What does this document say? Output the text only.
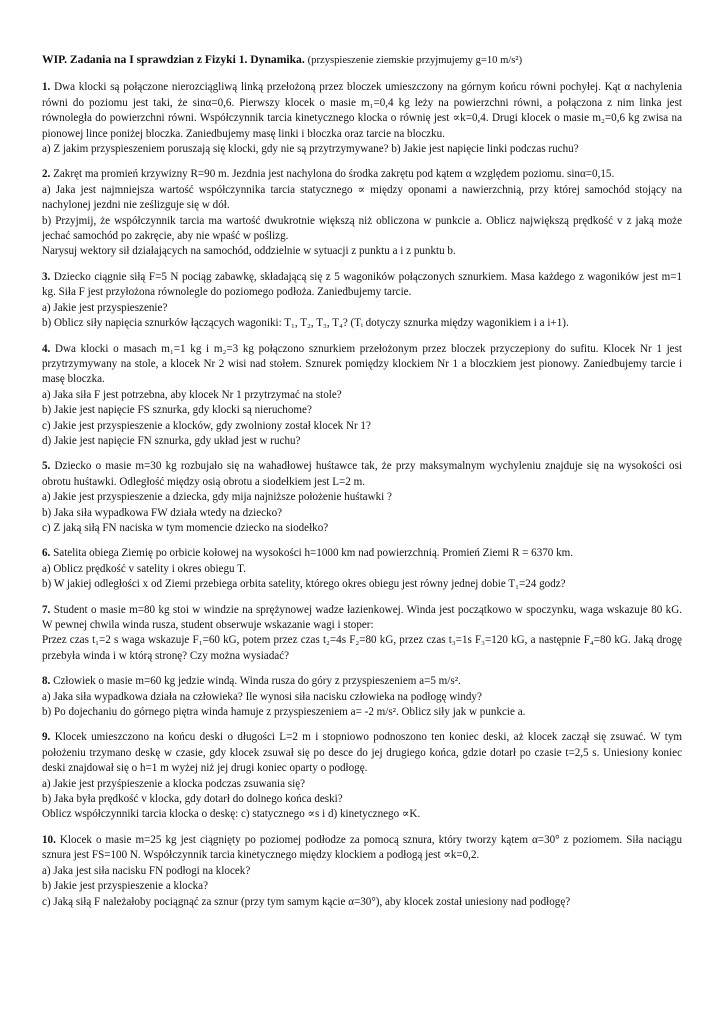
WIP. Zadania na I sprawdzian z Fizyki 1. Dynamika. (przyspieszenie ziemskie przyjmujemy g=10 m/s²)

1. Dwa klocki są połączone nierozciągliwą linką przełożoną przez bloczek umieszczony na górnym końcu równi pochyłej. Kąt α nachylenia równi do poziomu jest taki, że sinα=0,6. Pierwszy klocek o masie m₁=0,4 kg leży na powierzchni równi, a połączona z nim linka jest równoległa do powierzchni równi. Współczynnik tarcia kinetycznego klocka o równię jest ∝k=0,4. Drugi klocek o masie m₂=0,6 kg zwisa na pionowej lince poniżej bloczka. Zaniedbujemy masę linki i bloczka oraz tarcie na bloczku.

a) Z jakim przyspieszeniem poruszają się klocki, gdy nie są przytrzymywane? b) Jakie jest napięcie linki podczas ruchu?

2. Zakręt ma promień krzywizny R=90 m. Jezdnia jest nachylona do środka zakrętu pod kątem α względem poziomu. sinα=0,15.

a) Jaka jest najmniejsza wartość współczynnika tarcia statycznego ∝ między oponami a nawierzchnią, przy której samochód stojący na nachylonej jezdni nie ześlizguje się w dół.

b) Przyjmij, że współczynnik tarcia ma wartość dwukrotnie większą niż obliczona w punkcie a. Oblicz największą prędkość v z jaką może jechać samochód po zakręcie, aby nie wpaść w poślizg.

Narysuj wektory sił działających na samochód, oddzielnie w sytuacji z punktu a i z punktu b.

3. Dziecko ciągnie siłą F=5 N pociąg zabawkę, składającą się z 5 wagoników połączonych sznurkiem. Masa każdego z wagoników jest m=1 kg. Siła F jest przyłożona równolegle do poziomego podłoża. Zaniedbujemy tarcie.

a) Jakie jest przyspieszenie?

b) Oblicz siły napięcia sznurków łączących wagoniki: T₁, T₂, T₃, T₄? (Tᵢ dotyczy sznurka między wagonikiem i a i+1).

4. Dwa klocki o masach m₁=1 kg i m₂=3 kg połączono sznurkiem przełożonym przez bloczek przyczepiony do sufitu. Klocek Nr 1 jest przytrzymywany na stole, a klocek Nr 2 wisi nad stołem. Sznurek pomiędzy klockiem Nr 1 a bloczkiem jest pionowy. Zaniedbujemy tarcie i masę bloczka.

a) Jaka siła F jest potrzebna, aby klocek Nr 1 przytrzymać na stole?

b) Jakie jest napięcie FS sznurka, gdy klocki są nieruchome?

c) Jakie jest przyspieszenie a klocków, gdy zwolniony został klocek Nr 1?

d) Jakie jest napięcie FN sznurka, gdy układ jest w ruchu?

5. Dziecko o masie m=30 kg rozbujało się na wahadłowej huśtawce tak, że przy maksymalnym wychyleniu znajduje się na wysokości osi obrotu huśtawki. Odległość między osią obrotu a siodełkiem jest L=2 m.

a) Jakie jest przyspieszenie a dziecka, gdy mija najniższe położenie huśtawki ?

b) Jaka siła wypadkowa FW działa wtedy na dziecko?

c) Z jaką siłą FN naciska w tym momencie dziecko na siodełko?

6. Satelita obiega Ziemię po orbicie kołowej na wysokości h=1000 km nad powierzchnią. Promień Ziemi R = 6370 km.

a) Oblicz prędkość v satelity i okres obiegu T.

b) W jakiej odległości x od Ziemi przebiega orbita satelity, którego okres obiegu jest równy jednej dobie T₁=24 godz?

7. Student o masie m=80 kg stoi w windzie na sprężynowej wadze łazienkowej. Winda jest początkowo w spoczynku, waga wskazuje 80 kG. W pewnej chwila winda rusza, student obserwuje wskazanie wagi i stoper:

Przez czas t₁=2 s waga wskazuje F₁=60 kG, potem przez czas t₂=4s F₂=80 kG, przez czas t₃=1s F₃=120 kG, a następnie F₄=80 kG. Jaką drogę przebyła winda i w którą stronę? Czy można wysiadać?

8. Człowiek o masie m=60 kg jedzie windą. Winda rusza do góry z przyspieszeniem a=5 m/s².

a) Jaka siła wypadkowa działa na człowieka? Ile wynosi siła nacisku człowieka na podłogę windy?

b) Po dojechaniu do górnego piętra winda hamuje z przyspieszeniem a= -2 m/s². Oblicz siły jak w punkcie a.

9. Klocek umieszczono na końcu deski o długości L=2 m i stopniowo podnoszono ten koniec deski, aż klocek zaczął się zsuwać. W tym położeniu trzymano deskę w czasie, gdy klocek zsuwał się po desce do jej drugiego końca, gdzie dotarł po czasie t=2,5 s. Uniesiony koniec deski znajdował się o h=1 m wyżej niż jej drugi koniec oparty o podłogę.

a) Jakie jest przyśpieszenie a klocka podczas zsuwania się?

b) Jaka była prędkość v klocka, gdy dotarł do dolnego końca deski?

Oblicz współczynniki tarcia klocka o deskę: c) statycznego ∝s i d) kinetycznego ∝K.

10. Klocek o masie m=25 kg jest ciągnięty po poziomej podłodze za pomocą sznura, który tworzy kątem α=30° z poziomem. Siła naciągu sznura jest FS=100 N. Współczynnik tarcia kinetycznego między klockiem a podłogą jest ∝k=0,2.

a) Jaka jest siła nacisku FN podłogi na klocek?

b) Jakie jest przyspieszenie a klocka?

c) Jaką siłą F należałoby pociągnąć za sznur (przy tym samym kącie α=30°), aby klocek został uniesiony nad podłogę?
